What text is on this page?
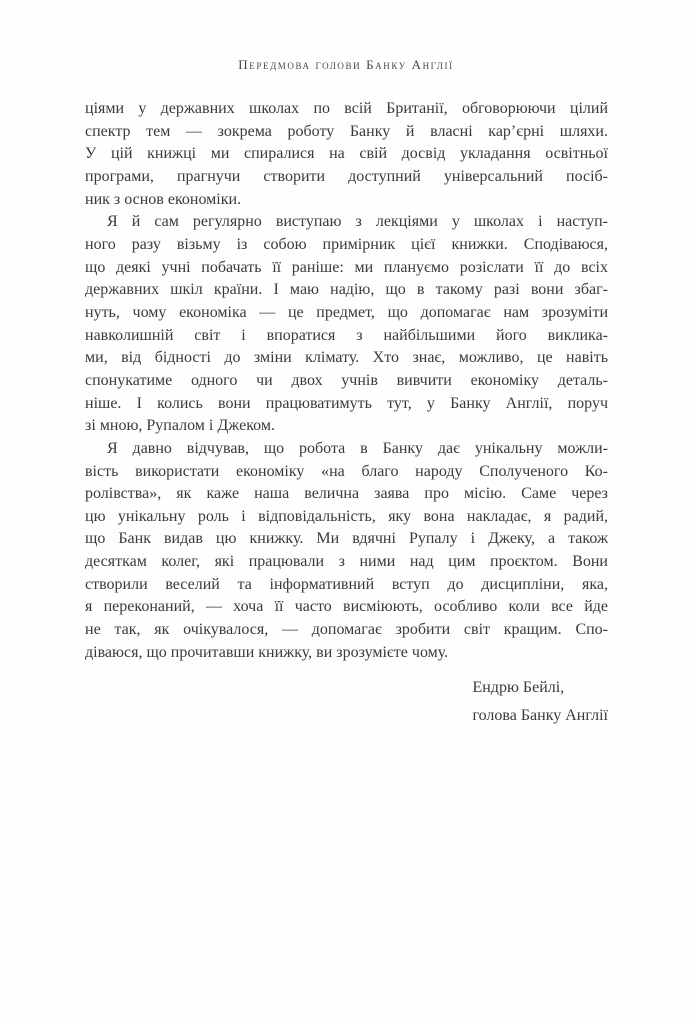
Передмова голови Банку Англії

ціями у державних школах по всій Британії, обговорюючи цілий
спектр тем — зокрема роботу Банку й власні кар’єрні шляхи.
У цій книжці ми спиралися на свій досвід укладання освітньої
програми, прагнучи створити доступний універсальний посіб-
ник з основ економіки.

Я й сам регулярно виступаю з лекціями у школах і наступ-
ного разу візьму із собою примірник цієї книжки. Сподіваюся,
що деякі учні побачать її раніше: ми плануємо розіслати її до всіх
державних шкіл країни. І маю надію, що в такому разі вони збаг-
нуть, чому економіка — це предмет, що допомагає нам зрозуміти
навколишній світ і впоратися з найбільшими його виклика-
ми, від бідності до зміни клімату. Хто знає, можливо, це навіть
спонукатиме одного чи двох учнів вивчити економіку деталь-
ніше. І колись вони працюватимуть тут, у Банку Англії, поруч
зі мною, Рупалом і Джеком.

Я давно відчував, що робота в Банку дає унікальну можли-
вість використати економіку «на благо народу Сполученого Ко-
ролівства», як каже наша велична заява про місію. Саме через
цю унікальну роль і відповідальність, яку вона накладає, я радий,
що Банк видав цю книжку. Ми вдячні Рупалу і Джеку, а також
десяткам колег, які працювали з ними над цим проєктом. Вони
створили веселий та інформативний вступ до дисципліни, яка,
я переконаний, — хоча її часто висміюють, особливо коли все йде
не так, як очікувалося, — допомагає зробити світ кращим. Спо-
діваюся, що прочитавши книжку, ви зрозумієте чому.

Ендрю Бейлі,
голова Банку Англії
